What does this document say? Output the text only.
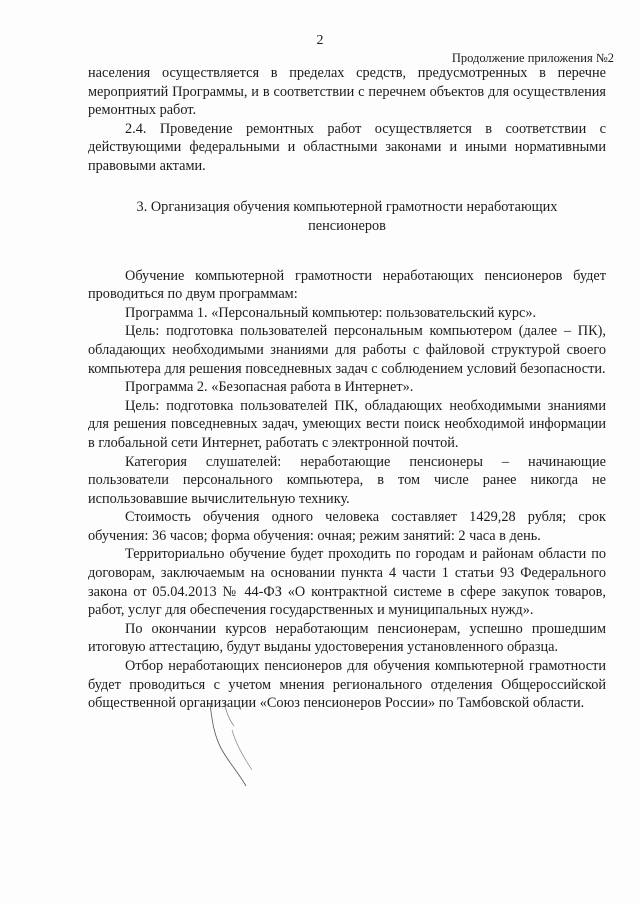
2
Продолжение приложения №2

населения осуществляется в пределах средств, предусмотренных в перечне мероприятий Программы, и в соответствии с перечнем объектов для осуществления ремонтных работ.

2.4. Проведение ремонтных работ осуществляется в соответствии с действующими федеральными и областными законами и иными нормативными правовыми актами.

3. Организация обучения компьютерной грамотности неработающих пенсионеров

Обучение компьютерной грамотности неработающих пенсионеров будет проводиться по двум программам:

Программа 1. «Персональный компьютер: пользовательский курс».

Цель: подготовка пользователей персональным компьютером (далее – ПК), обладающих необходимыми знаниями для работы с файловой структурой своего компьютера для решения повседневных задач с соблюдением условий безопасности.

Программа 2. «Безопасная работа в Интернет».

Цель: подготовка пользователей ПК, обладающих необходимыми знаниями для решения повседневных задач, умеющих вести поиск необходимой информации в глобальной сети Интернет, работать с электронной почтой.

Категория слушателей: неработающие пенсионеры – начинающие пользователи персонального компьютера, в том числе ранее никогда не использовавшие вычислительную технику.

Стоимость обучения одного человека составляет 1429,28 рубля; срок обучения: 36 часов; форма обучения: очная; режим занятий: 2 часа в день.

Территориально обучение будет проходить по городам и районам области по договорам, заключаемым на основании пункта 4 части 1 статьи 93 Федерального закона от 05.04.2013 № 44-ФЗ «О контрактной системе в сфере закупок товаров, работ, услуг для обеспечения государственных и муниципальных нужд».

По окончании курсов неработающим пенсионерам, успешно прошедшим итоговую аттестацию, будут выданы удостоверения установленного образца.

Отбор неработающих пенсионеров для обучения компьютерной грамотности будет проводиться с учетом мнения регионального отделения Общероссийской общественной организации «Союз пенсионеров России» по Тамбовской области.
